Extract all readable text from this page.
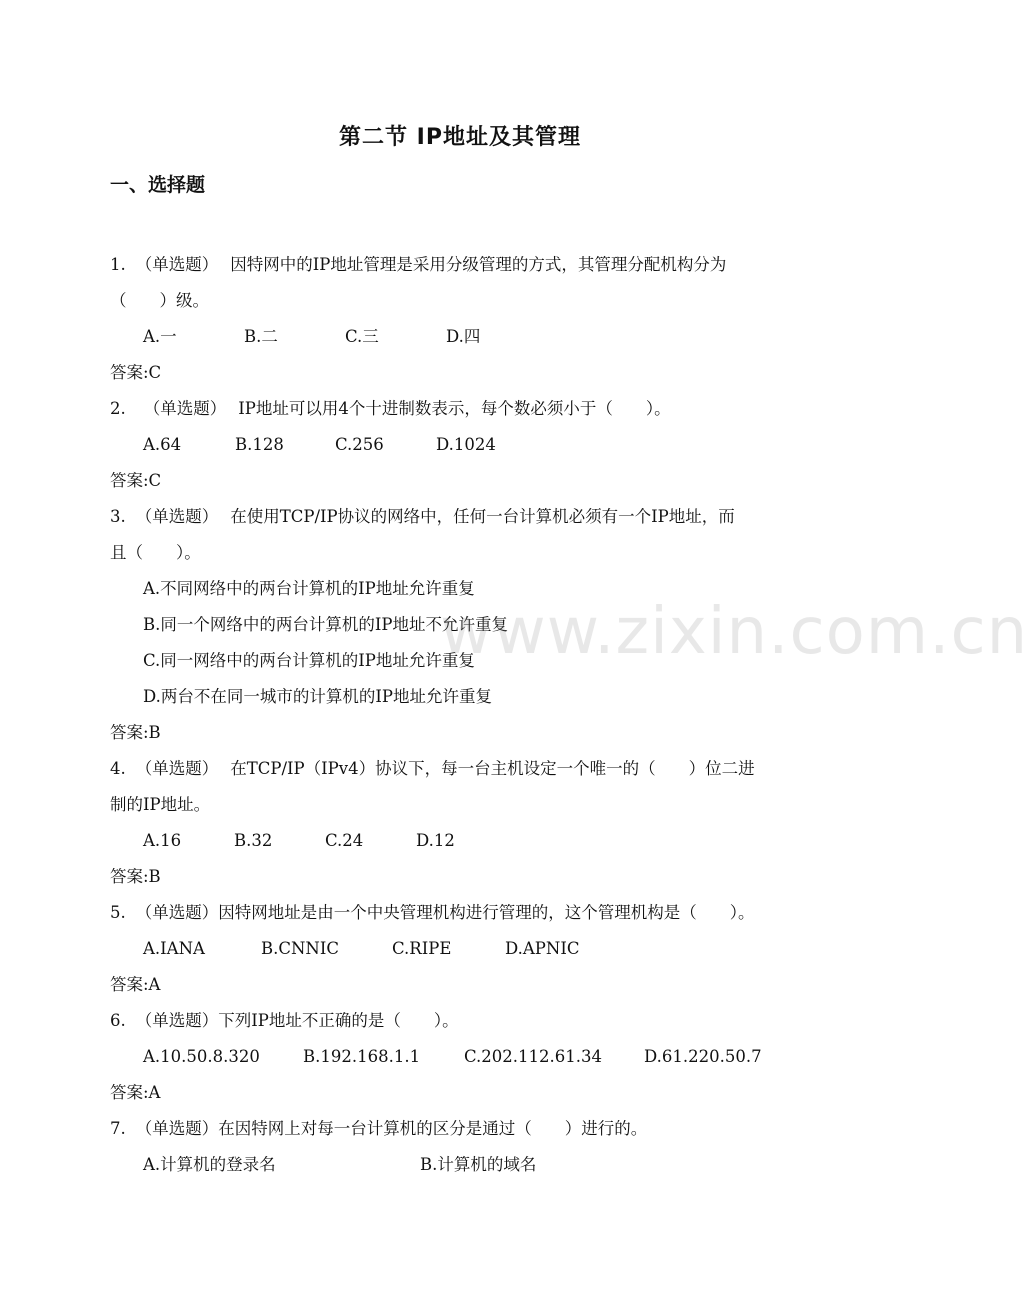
第二节 IP地址及其管理
一、选择题
1. （单选题） 因特网中的IP地址管理是采用分级管理的方式，其管理分配机构分为
（　　）级。
A.一	B.二	C.三	D.四
答案:C
2. （单选题） IP地址可以用4个十进制数表示，每个数必须小于（　　）。
A.64	B.128	C.256	D.1024
答案:C
3. （单选题） 在使用TCP/IP协议的网络中，任何一台计算机必须有一个IP地址，而
且（　　）。
A.不同网络中的两台计算机的IP地址允许重复
B.同一个网络中的两台计算机的IP地址不允许重复
C.同一网络中的两台计算机的IP地址允许重复
D.两台不在同一城市的计算机的IP地址允许重复
答案:B
4. （单选题） 在TCP/IP（IPv4）协议下，每一台主机设定一个唯一的（　　）位二进
制的IP地址。
A.16	B.32	C.24	D.12
答案:B
5. （单选题）因特网地址是由一个中央管理机构进行管理的，这个管理机构是（　　）。
A.IANA	B.CNNIC	C.RIPE	D.APNIC
答案:A
6. （单选题）下列IP地址不正确的是（　　）。
A.10.50.8.320	B.192.168.1.1	C.202.112.61.34	D.61.220.50.7
答案:A
7. （单选题）在因特网上对每一台计算机的区分是通过（　　）进行的。
A.计算机的登录名	B.计算机的域名
www.zixin.com.cn
